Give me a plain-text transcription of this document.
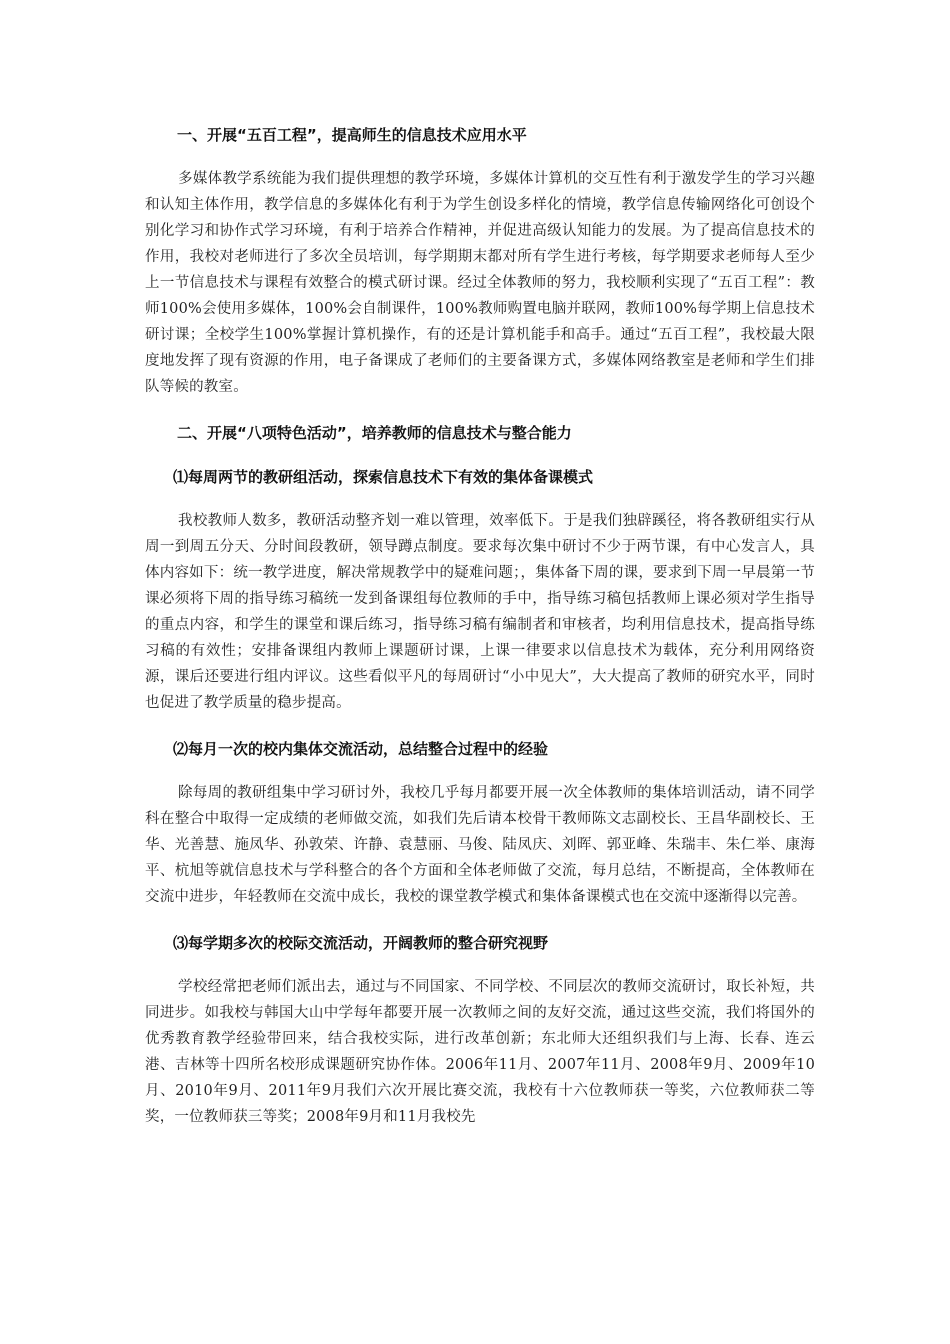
一、开展“五百工程”，提高师生的信息技术应用水平

多媒体教学系统能为我们提供理想的教学环境，多媒体计算机的交互性有利于激发学生的学习兴趣和认知主体作用，教学信息的多媒体化有利于为学生创设多样化的情境，教学信息传输网络化可创设个别化学习和协作式学习环境，有利于培养合作精神，并促进高级认知能力的发展。为了提高信息技术的作用，我校对老师进行了多次全员培训，每学期期末都对所有学生进行考核，每学期要求老师每人至少上一节信息技术与课程有效整合的模式研讨课。经过全体教师的努力，我校顺利实现了“五百工程”：教师100%会使用多媒体，100%会自制课件，100%教师购置电脑并联网，教师100%每学期上信息技术研讨课；全校学生100%掌握计算机操作，有的还是计算机能手和高手。通过“五百工程”，我校最大限度地发挥了现有资源的作用，电子备课成了老师们的主要备课方式，多媒体网络教室是老师和学生们排队等候的教室。

二、开展“八项特色活动”，培养教师的信息技术与整合能力

⑴每周两节的教研组活动，探索信息技术下有效的集体备课模式

我校教师人数多，教研活动整齐划一难以管理，效率低下。于是我们独辟蹊径，将各教研组实行从周一到周五分天、分时间段教研，领导蹲点制度。要求每次集中研讨不少于两节课，有中心发言人，具体内容如下：统一教学进度，解决常规教学中的疑难问题；，集体备下周的课，要求到下周一早晨第一节课必须将下周的指导练习稿统一发到备课组每位教师的手中，指导练习稿包括教师上课必须对学生指导的重点内容，和学生的课堂和课后练习，指导练习稿有编制者和审核者，均利用信息技术，提高指导练习稿的有效性；安排备课组内教师上课题研讨课，上课一律要求以信息技术为载体，充分利用网络资源，课后还要进行组内评议。这些看似平凡的每周研讨“小中见大”，大大提高了教师的研究水平，同时也促进了教学质量的稳步提高。

⑵每月一次的校内集体交流活动，总结整合过程中的经验

除每周的教研组集中学习研讨外，我校几乎每月都要开展一次全体教师的集体培训活动，请不同学科在整合中取得一定成绩的老师做交流，如我们先后请本校骨干教师陈文志副校长、王昌华副校长、王华、光善慧、施凤华、孙敦荣、许静、袁慧丽、马俊、陆凤庆、刘晖、郭亚峰、朱瑞丰、朱仁举、康海平、杭旭等就信息技术与学科整合的各个方面和全体老师做了交流，每月总结，不断提高，全体教师在交流中进步，年轻教师在交流中成长，我校的课堂教学模式和集体备课模式也在交流中逐渐得以完善。

⑶每学期多次的校际交流活动，开阔教师的整合研究视野

学校经常把老师们派出去，通过与不同国家、不同学校、不同层次的教师交流研讨，取长补短，共同进步。如我校与韩国大山中学每年都要开展一次教师之间的友好交流，通过这些交流，我们将国外的优秀教育教学经验带回来，结合我校实际，进行改革创新；东北师大还组织我们与上海、长春、连云港、吉林等十四所名校形成课题研究协作体。2006年11月、2007年11月、2008年9月、2009年10月、2010年9月、2011年9月我们六次开展比赛交流，我校有十六位教师获一等奖，六位教师获二等奖，一位教师获三等奖；2008年9月和11月我校先
